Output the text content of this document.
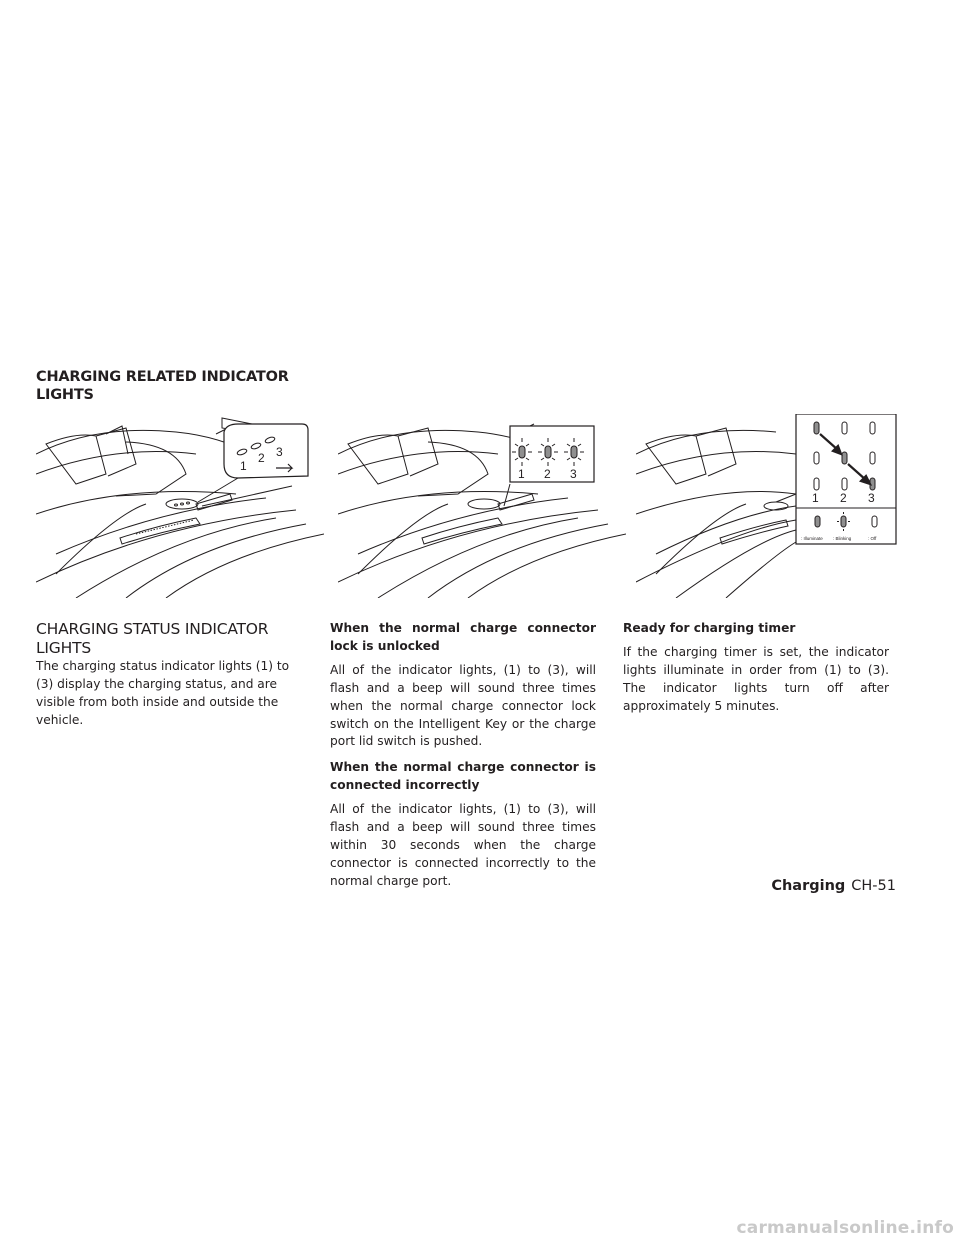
CHARGING RELATED INDICATOR LIGHTS
1
2 3
1 2 3
1 2 3
: Illuminate : Blinking	: Off

CHARGING STATUS INDICATOR LIGHTS

The charging status indicator lights (1) to (3) display the charging status, and are visible from both inside and outside the vehicle.

When the normal charge connector lock is unlocked

All of the indicator lights, (1) to (3), will flash and a beep will sound three times when the normal charge connector lock switch on the Intelligent Key or the charge port lid switch is pushed.

When the normal charge connector is connected incorrectly

All of the indicator lights, (1) to (3), will flash and a beep will sound three times within 30 seconds when the charge connector is connected incorrectly to the normal charge port.

Ready for charging timer

If the charging timer is set, the indicator lights illuminate in order from (1) to (3). The indicator lights turn off after approximately 5 minutes.

Charging CH-51
carmanualsonline.info
